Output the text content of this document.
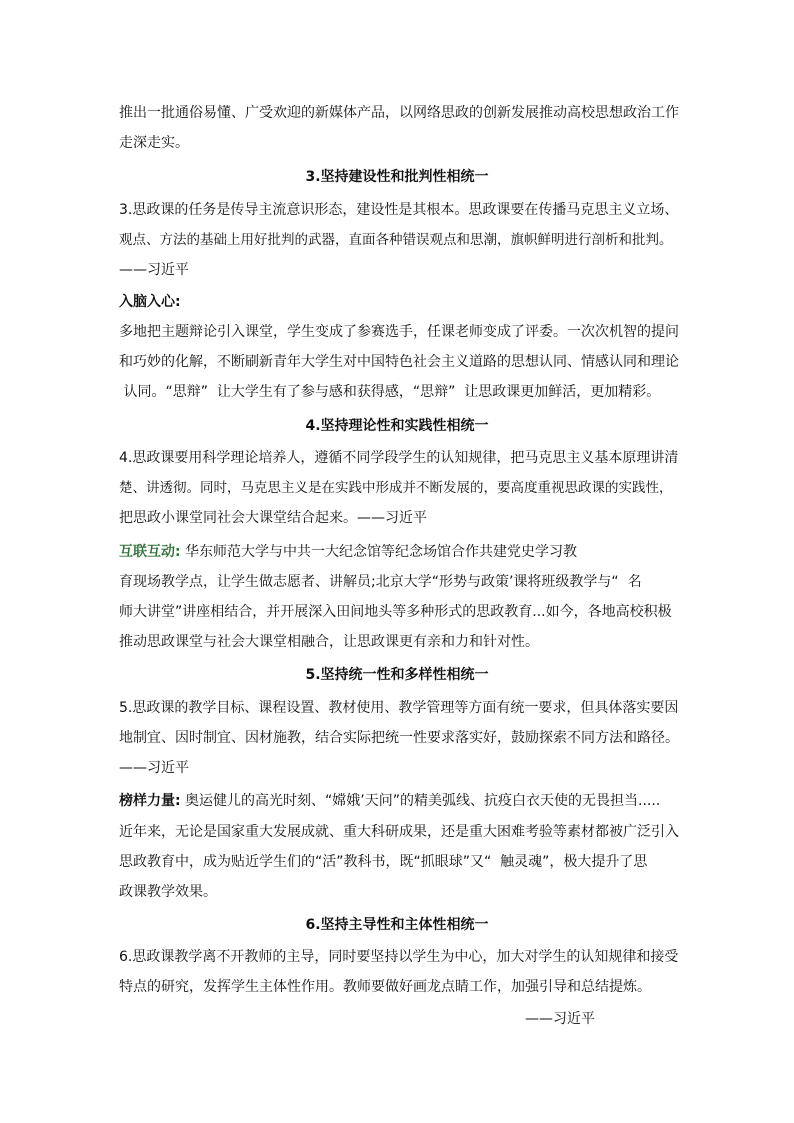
推出一批通俗易懂、广受欢迎的新媒体产品，以网络思政的创新发展推动高校思想政治工作
走深走实。
3.坚持建设性和批判性相统一
3.思政课的任务是传导主流意识形态，建设性是其根本。思政课要在传播马克思主义立场、
观点、方法的基础上用好批判的武器，直面各种错误观点和思潮，旗帜鲜明进行剖析和批判。
——习近平
入脑入心:
多地把主题辩论引入课堂，学生变成了参赛选手，任课老师变成了评委。一次次机智的提问
和巧妙的化解，不断刷新青年大学生对中国特色社会主义道路的思想认同、情感认同和理论
认同。“思辩”  让大学生有了参与感和获得感，“思辩”  让思政课更加鲜活，更加精彩。
4.坚持理论性和实践性相统一
4.思政课要用科学理论培养人，遵循不同学段学生的认知规律，把马克思主义基本原理讲清
楚、讲透彻。同时，马克思主义是在实践中形成并不断发展的，要高度重视思政课的实践性，
把思政小课堂同社会大课堂结合起来。——习近平
互联互动: 华东师范大学与中共一大纪念馆等纪念场馆合作共建党史学习教
育现场教学点，让学生做志愿者、讲解员;北京大学“形势与政策’课将班级教学与“  名
师大讲堂”讲座相结合，并开展深入田间地头等多种形式的思政教育...如今，各地高校积极
推动思政课堂与社会大课堂相融合，让思政课更有亲和力和针对性。
5.坚持统一性和多样性相统一
5.思政课的教学目标、课程设置、教材使用、教学管理等方面有统一要求，但具体落实要因
地制宜、因时制宜、因材施教，结合实际把统一性要求落实好，鼓励探索不同方法和路径。
——习近平
榜样力量: 奥运健儿的高光时刻、“嫦娥’天问”的精美弧线、抗疫白衣天使的无畏担当.....
近年来，无论是国家重大发展成就、重大科研成果，还是重大困难考验等素材都被广泛引入
思政教育中，成为贴近学生们的“活”教科书，既“抓眼球”又“  触灵魂”，极大提升了思
政课教学效果。
6.坚持主导性和主体性相统一
6.思政课教学离不开教师的主导，同时要坚持以学生为中心，加大对学生的认知规律和接受
特点的研究，发挥学生主体性作用。教师要做好画龙点睛工作，加强引导和总结提炼。
——习近平
